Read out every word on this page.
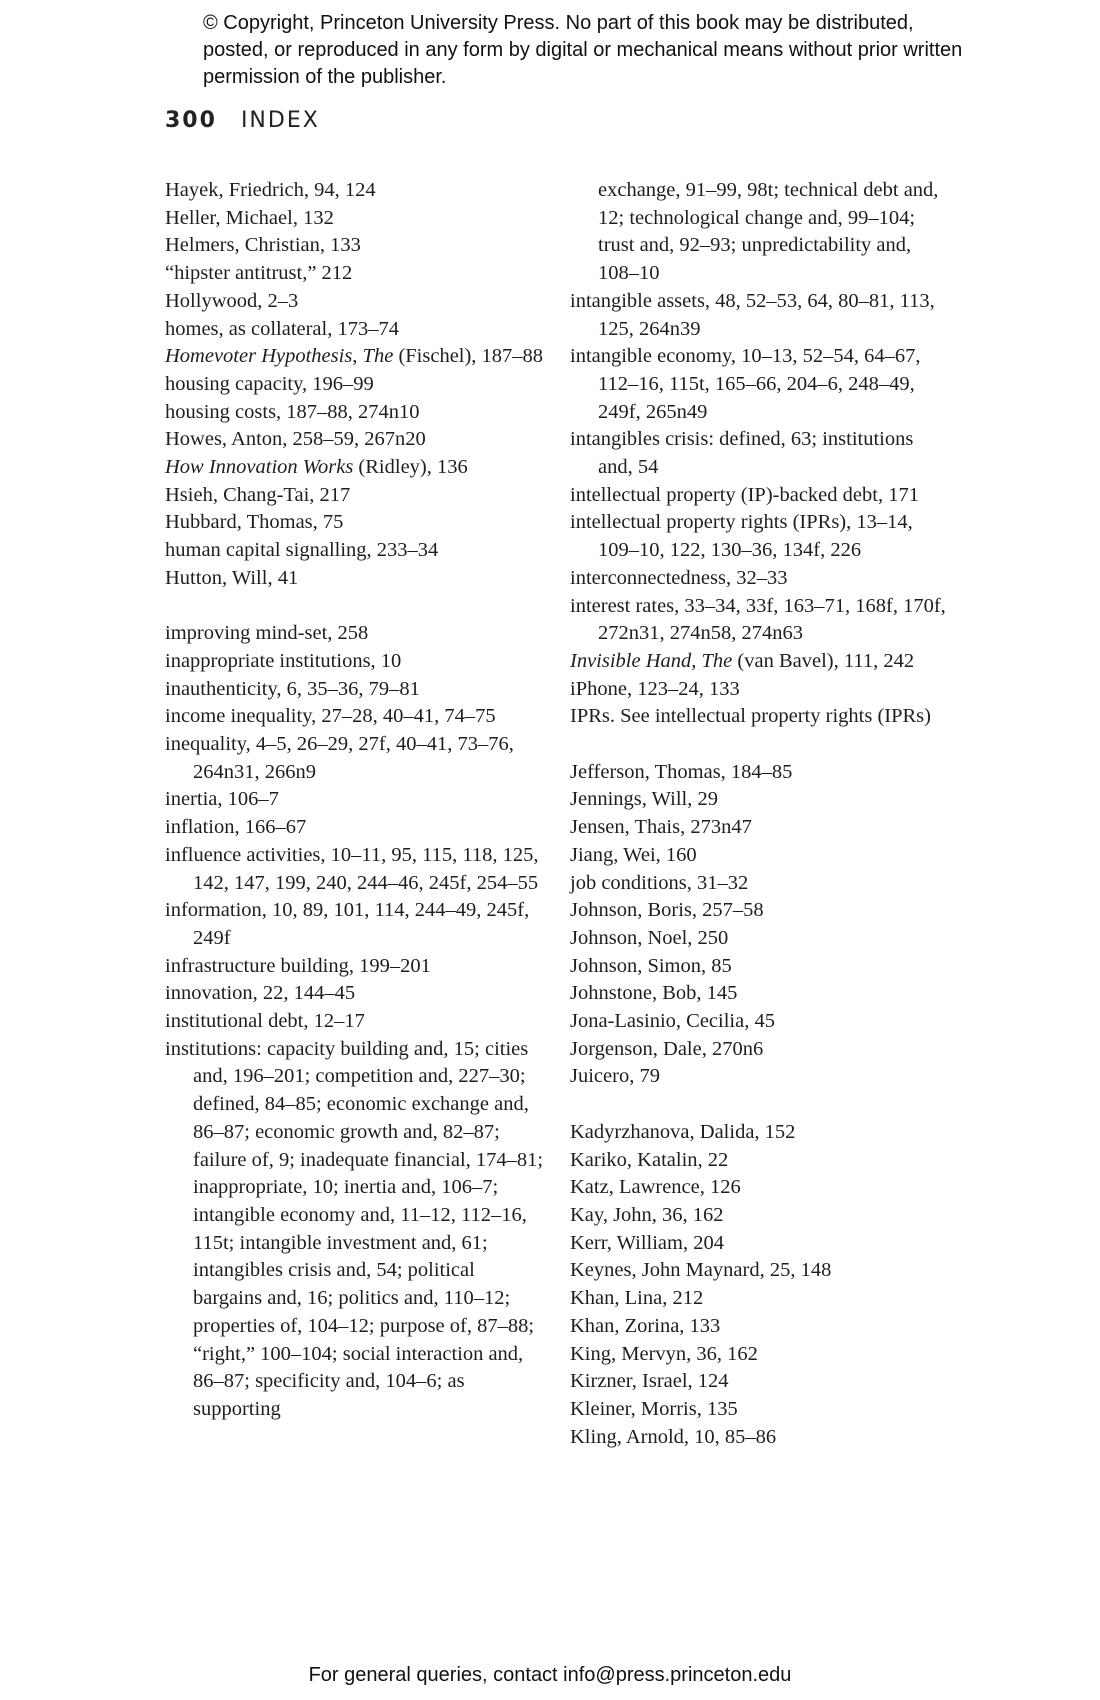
© Copyright, Princeton University Press. No part of this book may be distributed, posted, or reproduced in any form by digital or mechanical means without prior written permission of the publisher.
300 INDEX

Hayek, Friedrich, 94, 124

Heller, Michael, 132

Helmers, Christian, 133

“hipster antitrust,” 212

Hollywood, 2–3

homes, as collateral, 173–74

Homevoter Hypothesis, The (Fischel), 187–88

housing capacity, 196–99

housing costs, 187–88, 274n10

Howes, Anton, 258–59, 267n20

How Innovation Works (Ridley), 136

Hsieh, Chang-Tai, 217

Hubbard, Thomas, 75

human capital signalling, 233–34

Hutton, Will, 41

improving mind-set, 258

inappropriate institutions, 10

inauthenticity, 6, 35–36, 79–81

income inequality, 27–28, 40–41, 74–75

inequality, 4–5, 26–29, 27f, 40–41, 73–76, 264n31, 266n9

inertia, 106–7

inflation, 166–67

influence activities, 10–11, 95, 115, 118, 125, 142, 147, 199, 240, 244–46, 245f, 254–55

information, 10, 89, 101, 114, 244–49, 245f, 249f

infrastructure building, 199–201

innovation, 22, 144–45

institutional debt, 12–17

institutions: capacity building and, 15; cities and, 196–201; competition and, 227–30; defined, 84–85; economic exchange and, 86–87; economic growth and, 82–87; failure of, 9; inadequate financial, 174–81; inappropriate, 10; inertia and, 106–7; intangible economy and, 11–12, 112–16, 115t; intangible investment and, 61; intangibles crisis and, 54; political bargains and, 16; politics and, 110–12; properties of, 104–12; purpose of, 87–88; “right,” 100–104; social interaction and, 86–87; specificity and, 104–6; as supporting

exchange, 91–99, 98t; technical debt and, 12; technological change and, 99–104; trust and, 92–93; unpredictability and, 108–10

intangible assets, 48, 52–53, 64, 80–81, 113, 125, 264n39

intangible economy, 10–13, 52–54, 64–67, 112–16, 115t, 165–66, 204–6, 248–49, 249f, 265n49

intangibles crisis: defined, 63; institutions and, 54

intellectual property (IP)-backed debt, 171

intellectual property rights (IPRs), 13–14, 109–10, 122, 130–36, 134f, 226

interconnectedness, 32–33

interest rates, 33–34, 33f, 163–71, 168f, 170f, 272n31, 274n58, 274n63

Invisible Hand, The (van Bavel), 111, 242

iPhone, 123–24, 133

IPRs. See intellectual property rights (IPRs)

Jefferson, Thomas, 184–85

Jennings, Will, 29

Jensen, Thais, 273n47

Jiang, Wei, 160

job conditions, 31–32

Johnson, Boris, 257–58

Johnson, Noel, 250

Johnson, Simon, 85

Johnstone, Bob, 145

Jona-Lasinio, Cecilia, 45

Jorgenson, Dale, 270n6

Juicero, 79

Kadyrzhanova, Dalida, 152

Kariko, Katalin, 22

Katz, Lawrence, 126

Kay, John, 36, 162

Kerr, William, 204

Keynes, John Maynard, 25, 148

Khan, Lina, 212

Khan, Zorina, 133

King, Mervyn, 36, 162

Kirzner, Israel, 124

Kleiner, Morris, 135

Kling, Arnold, 10, 85–86

For general queries, contact info@press.princeton.edu
